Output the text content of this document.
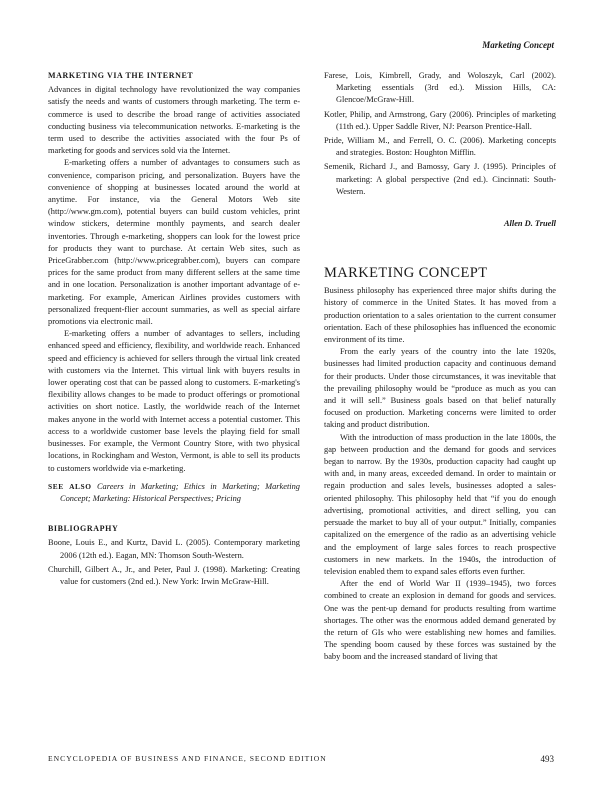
Marketing Concept
MARKETING VIA THE INTERNET

Advances in digital technology have revolutionized the way companies satisfy the needs and wants of customers through marketing. The term e-commerce is used to describe the broad range of activities associated conducting business via telecommunication networks. E-marketing is the term used to describe the activities associated with the four Ps of marketing for goods and services sold via the Internet.

E-marketing offers a number of advantages to consumers such as convenience, comparison pricing, and personalization. Buyers have the convenience of shopping at businesses located around the world at anytime. For instance, via the General Motors Web site (http://www.gm.com), potential buyers can build custom vehicles, print window stickers, determine monthly payments, and search dealer inventories. Through e-marketing, shoppers can look for the lowest price for products they want to purchase. At certain Web sites, such as PriceGrabber.com (http://www.pricegrabber.com), buyers can compare prices for the same product from many different sellers at the same time and in one location. Personalization is another important advantage of e-marketing. For example, American Airlines provides customers with personalized frequent-flier account summaries, as well as special airfare promotions via electronic mail.

E-marketing offers a number of advantages to sellers, including enhanced speed and efficiency, flexibility, and worldwide reach. Enhanced speed and efficiency is achieved for sellers through the virtual link created with customers via the Internet. This virtual link with buyers results in lower operating cost that can be passed along to customers. E-marketing's flexibility allows changes to be made to product offerings or promotional activities on short notice. Lastly, the worldwide reach of the Internet makes anyone in the world with Internet access a potential customer. This access to a worldwide customer base levels the playing field for small businesses. For example, the Vermont Country Store, with two physical locations, in Rockingham and Weston, Vermont, is able to sell its products to customers worldwide via e-marketing.

SEE ALSO Careers in Marketing; Ethics in Marketing; Marketing Concept; Marketing: Historical Perspectives; Pricing
BIBLIOGRAPHY

Boone, Louis E., and Kurtz, David L. (2005). Contemporary marketing 2006 (12th ed.). Eagan, MN: Thomson South-Western.

Churchill, Gilbert A., Jr., and Peter, Paul J. (1998). Marketing: Creating value for customers (2nd ed.). New York: Irwin McGraw-Hill.

Farese, Lois, Kimbrell, Grady, and Woloszyk, Carl (2002). Marketing essentials (3rd ed.). Mission Hills, CA: Glencoe/McGraw-Hill.

Kotler, Philip, and Armstrong, Gary (2006). Principles of marketing (11th ed.). Upper Saddle River, NJ: Pearson Prentice-Hall.

Pride, William M., and Ferrell, O. C. (2006). Marketing concepts and strategies. Boston: Houghton Mifflin.

Semenik, Richard J., and Bamossy, Gary J. (1995). Principles of marketing: A global perspective (2nd ed.). Cincinnati: South-Western.

Allen D. Truell
MARKETING CONCEPT

Business philosophy has experienced three major shifts during the history of commerce in the United States. It has moved from a production orientation to a sales orientation to the current consumer orientation. Each of these philosophies has influenced the economic environment of its time.

From the early years of the country into the late 1920s, businesses had limited production capacity and continuous demand for their products. Under those circumstances, it was inevitable that the prevailing philosophy would be “produce as much as you can and it will sell.” Business goals based on that belief naturally focused on production. Marketing concerns were limited to order taking and product distribution.

With the introduction of mass production in the late 1800s, the gap between production and the demand for goods and services began to narrow. By the 1930s, production capacity had caught up with and, in many areas, exceeded demand. In order to maintain or regain production and sales levels, businesses adopted a sales-oriented philosophy. This philosophy held that “if you do enough advertising, promotional activities, and direct selling, you can persuade the market to buy all of your output.” Initially, companies capitalized on the emergence of the radio as an advertising vehicle and the employment of large sales forces to reach prospective customers in new markets. In the 1940s, the introduction of television enabled them to expand sales efforts even further.

After the end of World War II (1939–1945), two forces combined to create an explosion in demand for goods and services. One was the pent-up demand for products resulting from wartime shortages. The other was the enormous added demand generated by the return of GIs who were establishing new homes and families. The spending boom caused by these forces was sustained by the baby boom and the increased standard of living that

ENCYCLOPEDIA OF BUSINESS AND FINANCE, SECOND EDITION	493
